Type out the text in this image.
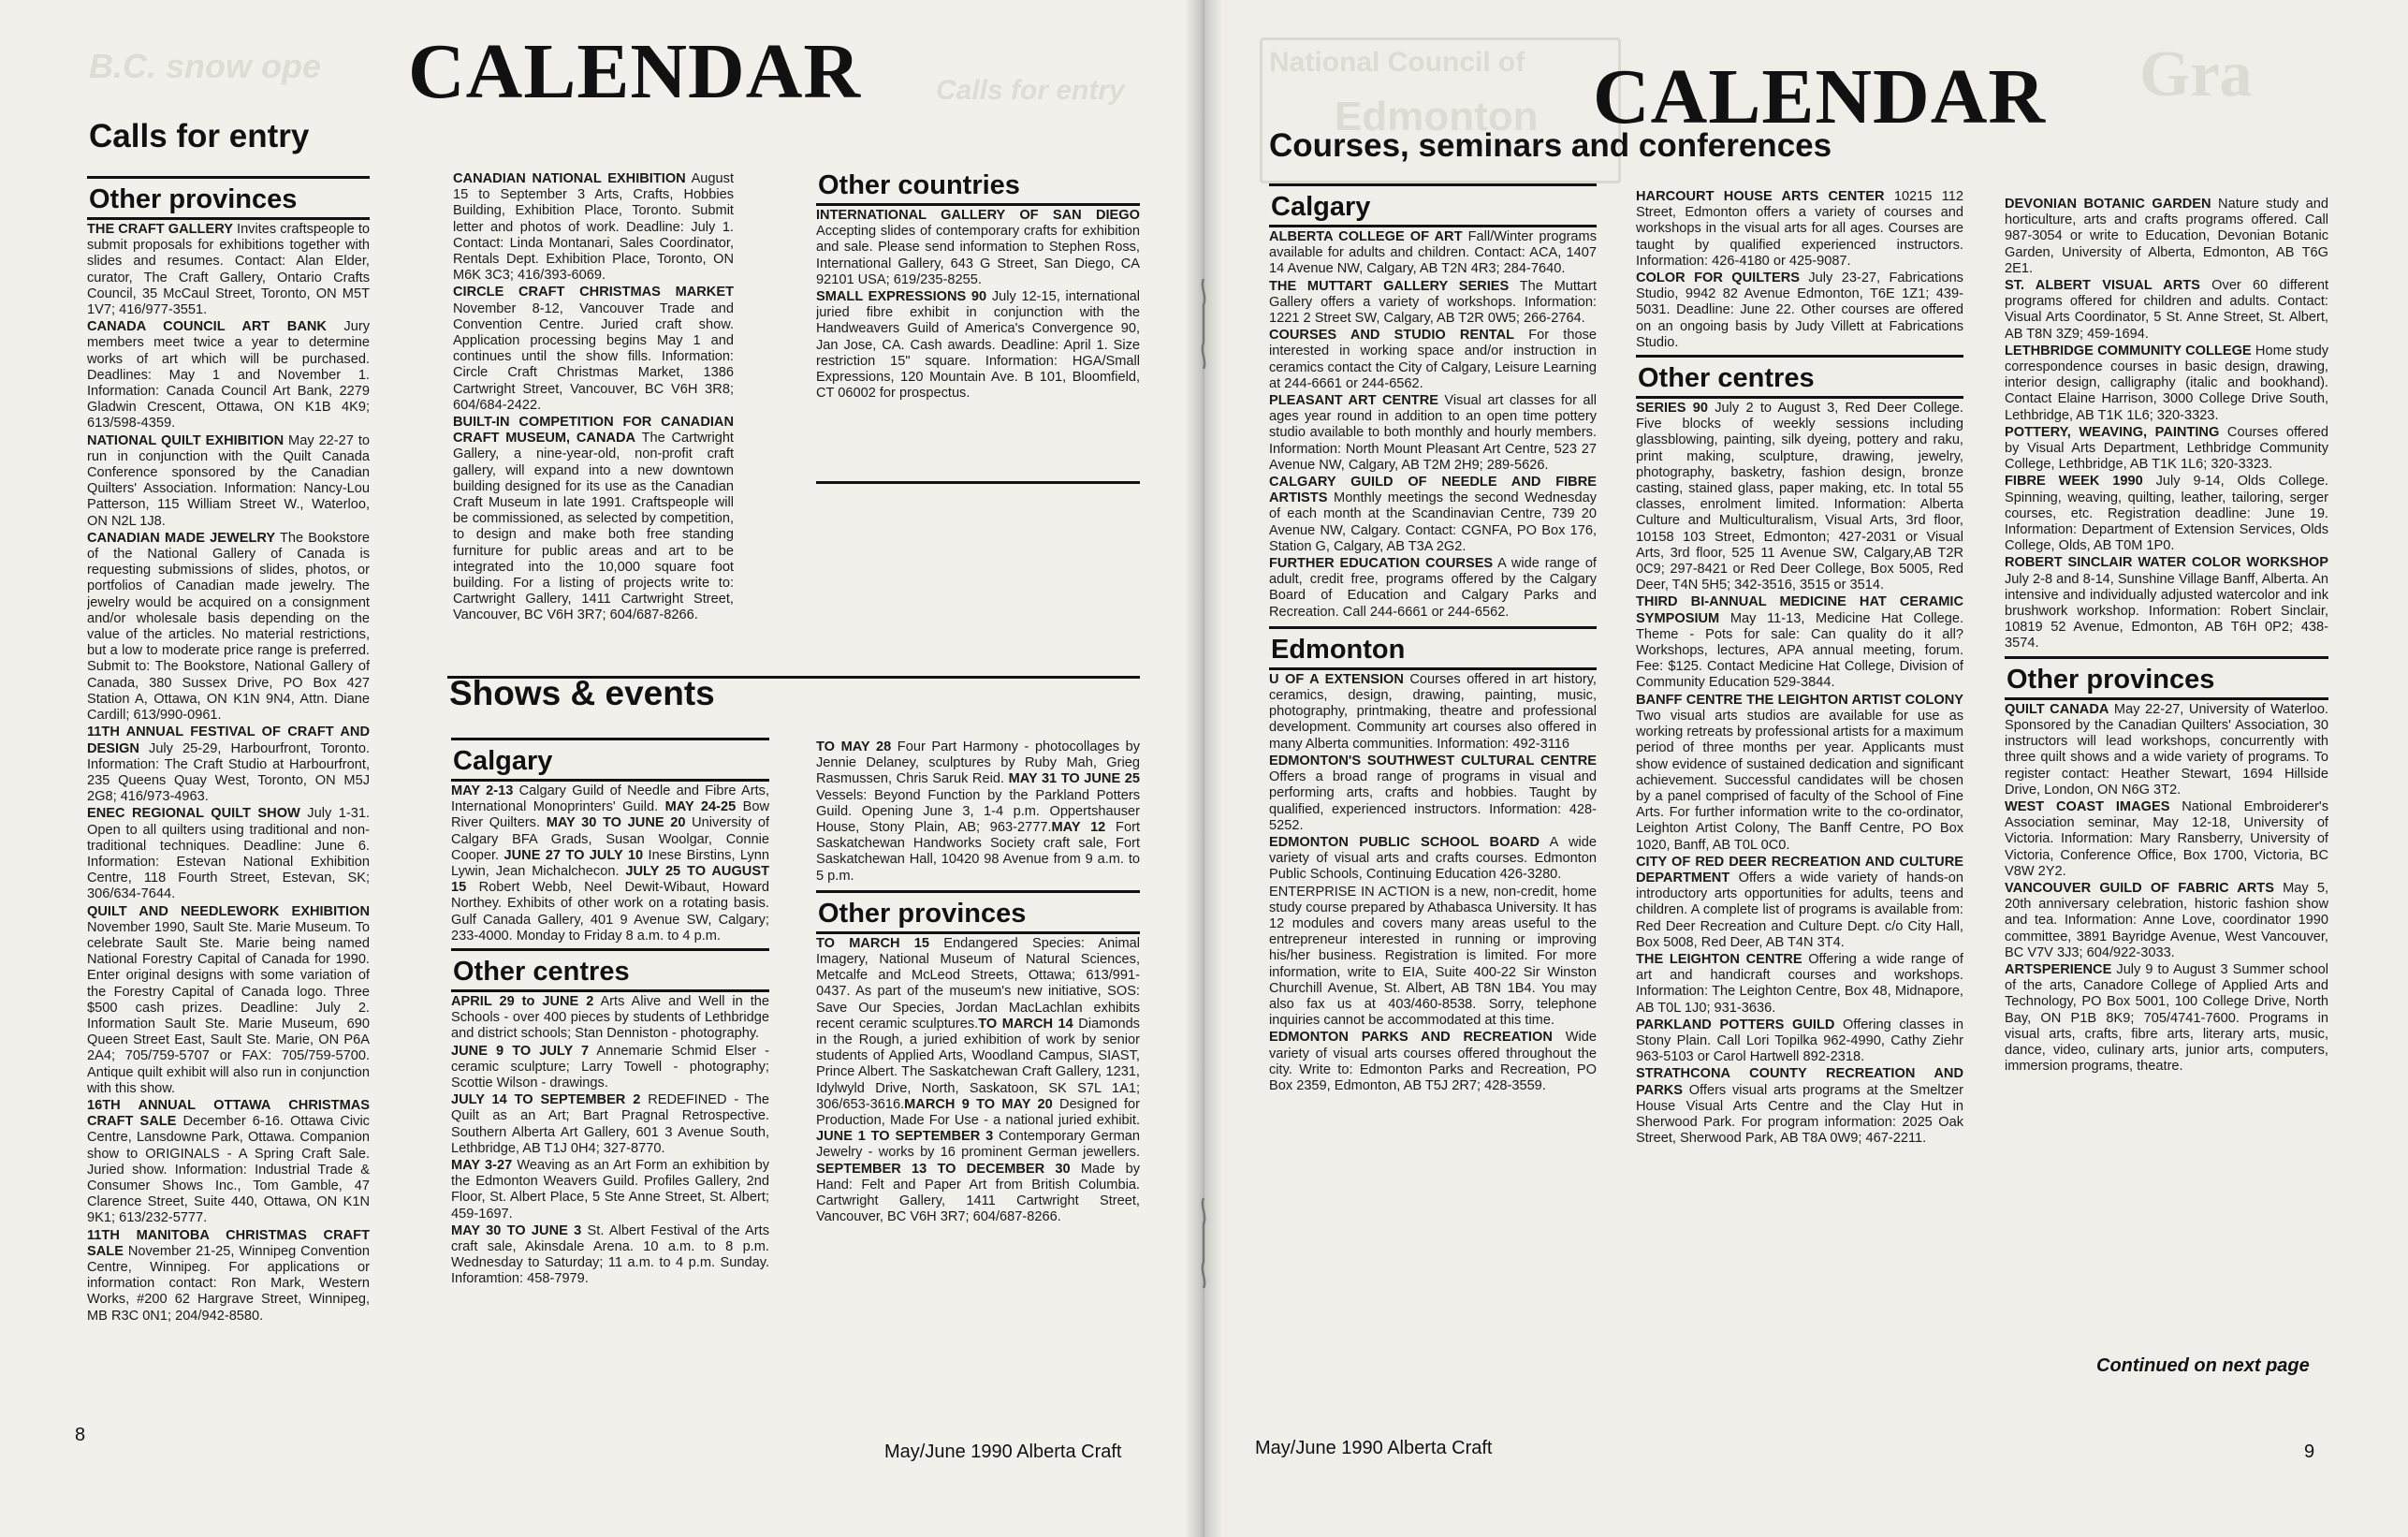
B.C. snow ope
Calls for entry
CALENDAR
Calls for entry
Other provinces

THE CRAFT GALLERY Invites craftspeople to submit proposals for exhibitions together with slides and resumes. Contact: Alan Elder, curator, The Craft Gallery, Ontario Crafts Council, 35 McCaul Street, Toronto, ON M5T 1V7; 416/977-3551.

CANADA COUNCIL ART BANK Jury members meet twice a year to determine works of art which will be purchased. Deadlines: May 1 and November 1. Information: Canada Council Art Bank, 2279 Gladwin Crescent, Ottawa, ON K1B 4K9; 613/598-4359.

NATIONAL QUILT EXHIBITION May 22-27 to run in conjunction with the Quilt Canada Conference sponsored by the Canadian Quilters' Association. Information: Nancy-Lou Patterson, 115 William Street W., Waterloo, ON N2L 1J8.

CANADIAN MADE JEWELRY The Bookstore of the National Gallery of Canada is requesting submissions of slides, photos, or portfolios of Canadian made jewelry. The jewelry would be acquired on a consignment and/or wholesale basis depending on the value of the articles. No material restrictions, but a low to moderate price range is preferred. Submit to: The Bookstore, National Gallery of Canada, 380 Sussex Drive, PO Box 427 Station A, Ottawa, ON K1N 9N4, Attn. Diane Cardill; 613/990-0961.

11TH ANNUAL FESTIVAL OF CRAFT AND DESIGN July 25-29, Harbourfront, Toronto. Information: The Craft Studio at Harbourfront, 235 Queens Quay West, Toronto, ON M5J 2G8; 416/973-4963.

ENEC REGIONAL QUILT SHOW July 1-31. Open to all quilters using traditional and non-traditional techniques. Deadline: June 6. Information: Estevan National Exhibition Centre, 118 Fourth Street, Estevan, SK; 306/634-7644.

QUILT AND NEEDLEWORK EXHIBITION November 1990, Sault Ste. Marie Museum. To celebrate Sault Ste. Marie being named National Forestry Capital of Canada for 1990. Enter original designs with some variation of the Forestry Capital of Canada logo. Three $500 cash prizes. Deadline: July 2. Information Sault Ste. Marie Museum, 690 Queen Street East, Sault Ste. Marie, ON P6A 2A4; 705/759-5707 or FAX: 705/759-5700. Antique quilt exhibit will also run in conjunction with this show.

16TH ANNUAL OTTAWA CHRISTMAS CRAFT SALE December 6-16. Ottawa Civic Centre, Lansdowne Park, Ottawa. Companion show to ORIGINALS - A Spring Craft Sale. Juried show. Information: Industrial Trade & Consumer Shows Inc., Tom Gamble, 47 Clarence Street, Suite 440, Ottawa, ON K1N 9K1; 613/232-5777.

11TH MANITOBA CHRISTMAS CRAFT SALE November 21-25, Winnipeg Convention Centre, Winnipeg. For applications or information contact: Ron Mark, Western Works, #200 62 Hargrave Street, Winnipeg, MB R3C 0N1; 204/942-8580.

CANADIAN NATIONAL EXHIBITION August 15 to September 3 Arts, Crafts, Hobbies Building, Exhibition Place, Toronto. Submit letter and photos of work. Deadline: July 1. Contact: Linda Montanari, Sales Coordinator, Rentals Dept. Exhibition Place, Toronto, ON M6K 3C3; 416/393-6069.

CIRCLE CRAFT CHRISTMAS MARKET November 8-12, Vancouver Trade and Convention Centre. Juried craft show. Application processing begins May 1 and continues until the show fills. Information: Circle Craft Christmas Market, 1386 Cartwright Street, Vancouver, BC V6H 3R8; 604/684-2422.

BUILT-IN COMPETITION FOR CANADIAN CRAFT MUSEUM, CANADA The Cartwright Gallery, a nine-year-old, non-profit craft gallery, will expand into a new downtown building designed for its use as the Canadian Craft Museum in late 1991. Craftspeople will be commissioned, as selected by competition, to design and make both free standing furniture for public areas and art to be integrated into the 10,000 square foot building. For a listing of projects write to: Cartwright Gallery, 1411 Cartwright Street, Vancouver, BC V6H 3R7; 604/687-8266.

Other countries

INTERNATIONAL GALLERY OF SAN DIEGO Accepting slides of contemporary crafts for exhibition and sale. Please send information to Stephen Ross, International Gallery, 643 G Street, San Diego, CA 92101 USA; 619/235-8255.

SMALL EXPRESSIONS 90 July 12-15, international juried fibre exhibit in conjunction with the Handweavers Guild of America's Convergence 90, Jan Jose, CA. Cash awards. Deadline: April 1. Size restriction 15" square. Information: HGA/Small Expressions, 120 Mountain Ave. B 101, Bloomfield, CT 06002 for prospectus.

Shows & events
Calgary

MAY 2-13 Calgary Guild of Needle and Fibre Arts, International Monoprinters' Guild. MAY 24-25 Bow River Quilters. MAY 30 TO JUNE 20 University of Calgary BFA Grads, Susan Woolgar, Connie Cooper. JUNE 27 TO JULY 10 Inese Birstins, Lynn Lywin, Jean Michalchecon. JULY 25 TO AUGUST 15 Robert Webb, Neel Dewit-Wibaut, Howard Northey. Exhibits of other work on a rotating basis. Gulf Canada Gallery, 401 9 Avenue SW, Calgary; 233-4000. Monday to Friday 8 a.m. to 4 p.m.

Other centres

APRIL 29 to JUNE 2 Arts Alive and Well in the Schools - over 400 pieces by students of Lethbridge and district schools; Stan Denniston - photography.

JUNE 9 TO JULY 7 Annemarie Schmid Elser - ceramic sculpture; Larry Towell - photography; Scottie Wilson - drawings.

JULY 14 TO SEPTEMBER 2 REDEFINED - The Quilt as an Art; Bart Pragnal Retrospective. Southern Alberta Art Gallery, 601 3 Avenue South, Lethbridge, AB T1J 0H4; 327-8770.

MAY 3-27 Weaving as an Art Form an exhibition by the Edmonton Weavers Guild. Profiles Gallery, 2nd Floor, St. Albert Place, 5 Ste Anne Street, St. Albert; 459-1697.

MAY 30 TO JUNE 3 St. Albert Festival of the Arts craft sale, Akinsdale Arena. 10 a.m. to 8 p.m. Wednesday to Saturday; 11 a.m. to 4 p.m. Sunday. Inforamtion: 458-7979.

TO MAY 28 Four Part Harmony - photocollages by Jennie Delaney, sculptures by Ruby Mah, Grieg Rasmussen, Chris Saruk Reid. MAY 31 TO JUNE 25 Vessels: Beyond Function by the Parkland Potters Guild. Opening June 3, 1-4 p.m. Oppertshauser House, Stony Plain, AB; 963-2777.MAY 12 Fort Saskatchewan Handworks Society craft sale, Fort Saskatchewan Hall, 10420 98 Avenue from 9 a.m. to 5 p.m.

Other provinces

TO MARCH 15 Endangered Species: Animal Imagery, National Museum of Natural Sciences, Metcalfe and McLeod Streets, Ottawa; 613/991-0437. As part of the museum's new initiative, SOS: Save Our Species, Jordan MacLachlan exhibits recent ceramic sculptures.TO MARCH 14 Diamonds in the Rough, a juried exhibition of work by senior students of Applied Arts, Woodland Campus, SIAST, Prince Albert. The Saskatchewan Craft Gallery, 1231, Idylwyld Drive, North, Saskatoon, SK S7L 1A1; 306/653-3616.MARCH 9 TO MAY 20 Designed for Production, Made For Use - a national juried exhibit. JUNE 1 TO SEPTEMBER 3 Contemporary German Jewelry - works by 16 prominent German jewellers. SEPTEMBER 13 TO DECEMBER 30 Made by Hand: Felt and Paper Art from British Columbia. Cartwright Gallery, 1411 Cartwright Street, Vancouver, BC V6H 3R7; 604/687-8266.

8
May/June 1990 Alberta Craft
National Council of
Edmonton
Gra
CALENDAR
Courses, seminars and conferences
Calgary

ALBERTA COLLEGE OF ART Fall/Winter programs available for adults and children. Contact: ACA, 1407 14 Avenue NW, Calgary, AB T2N 4R3; 284-7640.

THE MUTTART GALLERY SERIES The Muttart Gallery offers a variety of workshops. Information: 1221 2 Street SW, Calgary, AB T2R 0W5; 266-2764.

COURSES AND STUDIO RENTAL For those interested in working space and/or instruction in ceramics contact the City of Calgary, Leisure Learning at 244-6661 or 244-6562.

PLEASANT ART CENTRE Visual art classes for all ages year round in addition to an open time pottery studio available to both monthly and hourly members. Information: North Mount Pleasant Art Centre, 523 27 Avenue NW, Calgary, AB T2M 2H9; 289-5626.

CALGARY GUILD OF NEEDLE AND FIBRE ARTISTS Monthly meetings the second Wednesday of each month at the Scandinavian Centre, 739 20 Avenue NW, Calgary. Contact: CGNFA, PO Box 176, Station G, Calgary, AB T3A 2G2.

FURTHER EDUCATION COURSES A wide range of adult, credit free, programs offered by the Calgary Board of Education and Calgary Parks and Recreation. Call 244-6661 or 244-6562.

Edmonton

U OF A EXTENSION Courses offered in art history, ceramics, design, drawing, painting, music, photography, printmaking, theatre and professional development. Community art courses also offered in many Alberta communities. Information: 492-3116

EDMONTON'S SOUTHWEST CULTURAL CENTRE Offers a broad range of programs in visual and performing arts, crafts and hobbies. Taught by qualified, experienced instructors. Information: 428-5252.

EDMONTON PUBLIC SCHOOL BOARD A wide variety of visual arts and crafts courses. Edmonton Public Schools, Continuing Education 426-3280.

ENTERPRISE IN ACTION is a new, non-credit, home study course prepared by Athabasca University. It has 12 modules and covers many areas useful to the entrepreneur interested in running or improving his/her business. Registration is limited. For more information, write to EIA, Suite 400-22 Sir Winston Churchill Avenue, St. Albert, AB T8N 1B4. You may also fax us at 403/460-8538. Sorry, telephone inquiries cannot be accommodated at this time.

EDMONTON PARKS AND RECREATION Wide variety of visual arts courses offered throughout the city. Write to: Edmonton Parks and Recreation, PO Box 2359, Edmonton, AB T5J 2R7; 428-3559.

HARCOURT HOUSE ARTS CENTER 10215 112 Street, Edmonton offers a variety of courses and workshops in the visual arts for all ages. Courses are taught by qualified experienced instructors. Information: 426-4180 or 425-9087.

COLOR FOR QUILTERS July 23-27, Fabrications Studio, 9942 82 Avenue Edmonton, T6E 1Z1; 439-5031. Deadline: June 22. Other courses are offered on an ongoing basis by Judy Villett at Fabrications Studio.

Other centres

SERIES 90 July 2 to August 3, Red Deer College. Five blocks of weekly sessions including glassblowing, painting, silk dyeing, pottery and raku, print making, sculpture, drawing, jewelry, photography, basketry, fashion design, bronze casting, stained glass, paper making, etc. In total 55 classes, enrolment limited. Information: Alberta Culture and Multiculturalism, Visual Arts, 3rd floor, 10158 103 Street, Edmonton; 427-2031 or Visual Arts, 3rd floor, 525 11 Avenue SW, Calgary,AB T2R 0C9; 297-8421 or Red Deer College, Box 5005, Red Deer, T4N 5H5; 342-3516, 3515 or 3514.

THIRD BI-ANNUAL MEDICINE HAT CERAMIC SYMPOSIUM May 11-13, Medicine Hat College. Theme - Pots for sale: Can quality do it all? Workshops, lectures, APA annual meeting, forum. Fee: $125. Contact Medicine Hat College, Division of Community Education 529-3844.

BANFF CENTRE THE LEIGHTON ARTIST COLONY Two visual arts studios are available for use as working retreats by professional artists for a maximum period of three months per year. Applicants must show evidence of sustained dedication and significant achievement. Successful candidates will be chosen by a panel comprised of faculty of the School of Fine Arts. For further information write to the co-ordinator, Leighton Artist Colony, The Banff Centre, PO Box 1020, Banff, AB T0L 0C0.

CITY OF RED DEER RECREATION AND CULTURE DEPARTMENT Offers a wide variety of hands-on introductory arts opportunities for adults, teens and children. A complete list of programs is available from: Red Deer Recreation and Culture Dept. c/o City Hall, Box 5008, Red Deer, AB T4N 3T4.

THE LEIGHTON CENTRE Offering a wide range of art and handicraft courses and workshops. Information: The Leighton Centre, Box 48, Midnapore, AB T0L 1J0; 931-3636.

PARKLAND POTTERS GUILD Offering classes in Stony Plain. Call Lori Topilka 962-4990, Cathy Ziehr 963-5103 or Carol Hartwell 892-2318.

STRATHCONA COUNTY RECREATION AND PARKS Offers visual arts programs at the Smeltzer House Visual Arts Centre and the Clay Hut in Sherwood Park. For program information: 2025 Oak Street, Sherwood Park, AB T8A 0W9; 467-2211.

DEVONIAN BOTANIC GARDEN Nature study and horticulture, arts and crafts programs offered. Call 987-3054 or write to Education, Devonian Botanic Garden, University of Alberta, Edmonton, AB T6G 2E1.

ST. ALBERT VISUAL ARTS Over 60 different programs offered for children and adults. Contact: Visual Arts Coordinator, 5 St. Anne Street, St. Albert, AB T8N 3Z9; 459-1694.

LETHBRIDGE COMMUNITY COLLEGE Home study correspondence courses in basic design, drawing, interior design, calligraphy (italic and bookhand). Contact Elaine Harrison, 3000 College Drive South, Lethbridge, AB T1K 1L6; 320-3323.

POTTERY, WEAVING, PAINTING Courses offered by Visual Arts Department, Lethbridge Community College, Lethbridge, AB T1K 1L6; 320-3323.

FIBRE WEEK 1990 July 9-14, Olds College. Spinning, weaving, quilting, leather, tailoring, serger courses, etc. Registration deadline: June 19. Information: Department of Extension Services, Olds College, Olds, AB T0M 1P0.

ROBERT SINCLAIR WATER COLOR WORKSHOP July 2-8 and 8-14, Sunshine Village Banff, Alberta. An intensive and individually adjusted watercolor and ink brushwork workshop. Information: Robert Sinclair, 10819 52 Avenue, Edmonton, AB T6H 0P2; 438-3574.

Other provinces

QUILT CANADA May 22-27, University of Waterloo. Sponsored by the Canadian Quilters' Association, 30 instructors will lead workshops, concurrently with three quilt shows and a wide variety of programs. To register contact: Heather Stewart, 1694 Hillside Drive, London, ON N6G 3T2.

WEST COAST IMAGES National Embroiderer's Association seminar, May 12-18, University of Victoria. Information: Mary Ransberry, University of Victoria, Conference Office, Box 1700, Victoria, BC V8W 2Y2.

VANCOUVER GUILD OF FABRIC ARTS May 5, 20th anniversary celebration, historic fashion show and tea. Information: Anne Love, coordinator 1990 committee, 3891 Bayridge Avenue, West Vancouver, BC V7V 3J3; 604/922-3033.

ARTSPERIENCE July 9 to August 3 Summer school of the arts, Canadore College of Applied Arts and Technology, PO Box 5001, 100 College Drive, North Bay, ON P1B 8K9; 705/4741-7600. Programs in visual arts, crafts, fibre arts, literary arts, music, dance, video, culinary arts, junior arts, computers, immersion programs, theatre.

Continued on next page
May/June 1990 Alberta Craft	9
